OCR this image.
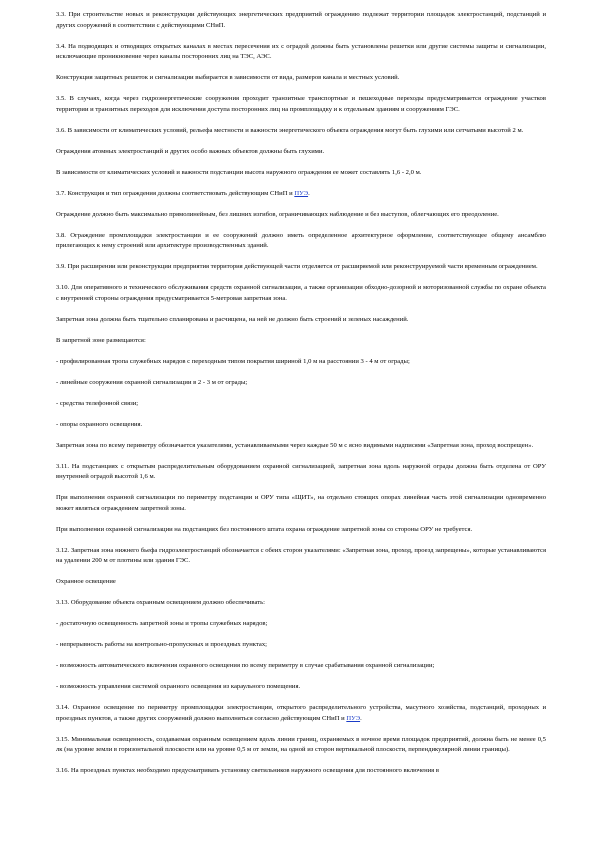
3.3. При строительстве новых и реконструкции действующих энергетических предприятий ограждению подлежат территории площадок электростанций, подстанций и других сооружений в соответствии с действующими СНиП.

3.4. На подводящих и отводящих открытых каналах в местах пересечения их с оградой должны быть установлены решетки или другие системы защиты и сигнализации, исключающие проникновение через каналы посторонних лиц на ТЭС, АЭС.

Конструкция защитных решеток и сигнализации выбирается в зависимости от вида, размеров канала и местных условий.

3.5. В случаях, когда через гидроэнергетические сооружения проходит транзитные транспортные и пешеходные переходы предусматривается ограждение участков территории и транзитных переходов для исключения доступа посторонних лиц на промплощадку и к отдельным зданиям и сооружениям ГЭС.

3.6. В зависимости от климатических условий, рельефа местности и важности энергетического объекта ограждения могут быть глухими или сетчатыми высотой 2 м.

Ограждения атомных электростанций и других особо важных объектов должны быть глухими.

В зависимости от климатических условий и важности подстанции высота наружного ограждения ее может составлять 1,6 - 2,0 м.

3.7. Конструкция и тип ограждения должны соответствовать действующим СНиП и ПУЭ.

Ограждение должно быть максимально прямолинейным, без лишних изгибов, ограничивающих наблюдение и без выступов, облегчающих его преодоление.

3.8. Ограждение промплощадки электростанции и ее сооружений должно иметь определенное архитектурное оформление, соответствующее общему ансамблю прилегающих к нему строений или архитектуре производственных зданий.

3.9. При расширении или реконструкции предприятия территория действующей части отделяется от расширяемой или реконструируемой части временным ограждением.

3.10. Для оперативного и технического обслуживания средств охранной сигнализации, а также организации обходно-дозорной и моторизованной службы по охране объекта с внутренней стороны ограждения предусматривается 5-метровая запретная зона.

Запретная зона должна быть тщательно спланирована и расчищена, на ней не должно быть строений и зеленых насаждений.

В запретной зоне размещаются:

- профилированная тропа служебных нарядов с переходным типом покрытия шириной 1,0 м на расстоянии 3 - 4 м от ограды;

- линейные сооружения охранной сигнализации в 2 - 3 м от ограды;

- средства телефонной связи;

- опоры охранного освещения.

Запретная зона по всему периметру обозначается указателями, устанавливаемыми через каждые 50 м с ясно видимыми надписями «Запретная зона, проход воспрещен».

3.11. На подстанциях с открытым распределительным оборудованием охранной сигнализацией, запретная зона вдоль наружной ограды должна быть отделена от ОРУ внутренней оградой высотой 1,6 м.

При выполнении охранной сигнализации по периметру подстанции и ОРУ типа «ЩИТ», на отдельно стоящих опорах линейная часть этой сигнализации одновременно может являться ограждением запретной зоны.

При выполнении охранной сигнализации на подстанциях без постоянного штата охрана ограждение запретной зоны со стороны ОРУ не требуется.

3.12. Запретная зона нижнего бьефа гидроэлектростанций обозначается с обеих сторон указателями: «Запретная зона, проход, проезд запрещены», которые устанавливаются на удалении 200 м от плотины или здания ГЭС.

Охранное освещение

3.13. Оборудование объекта охранным освещением должно обеспечивать:

- достаточную освещенность запретной зоны и тропы служебных нарядов;

- непрерывность работы на контрольно-пропускных и проездных пунктах;

- возможность автоматического включения охранного освещения по всему периметру в случае срабатывания охранной сигнализации;

- возможность управления системой охранного освещения из караульного помещения.

3.14. Охранное освещение по периметру промплощадки электростанции, открытого распределительного устройства, масутного хозяйства, подстанций, проходных и проездных пунктов, а также других сооружений должно выполняться согласно действующим СНиП и ПУЭ.

3.15. Минимальная освещенность, создаваемая охранным освещением вдоль линии границ, охраняемых в ночное время площадок предприятий, должна быть не менее 0,5 лк (на уровне земли в горизонтальной плоскости или на уровне 0,5 м от земли, на одной из сторон вертикальной плоскости, перпендикулярной линии границы).

3.16. На проездных пунктах необходимо предусматривать установку светильников наружного освещения для постоянного включения в
